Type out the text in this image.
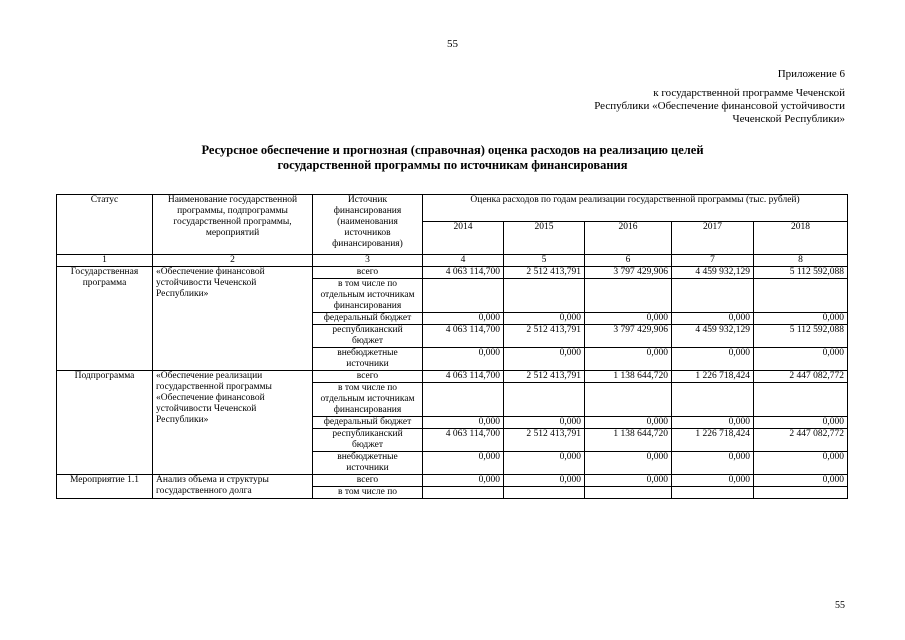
55
Приложение 6
к государственной программе Чеченской
Республики «Обеспечение финансовой устойчивости
Чеченской Республики»
Ресурсное обеспечение и прогнозная (справочная) оценка расходов на реализацию целей
государственной программы по источникам финансирования
Статус	Наименование государственной программы, подпрограммы государственной программы, мероприятий	Источник финансирования (наименования источников финансирования)	Оценка расходов по годам реализации государственной программы (тыс. рублей)				
			2014	2015	2016	2017	2018
1	2	3	4	5	6	7	8
Государственная программа	«Обеспечение финансовой устойчивости Чеченской Республики»	всего	4 063 114,700	2 512 413,791	3 797 429,906	4 459 932,129	5 112 592,088
		в том числе по отдельным источникам финансирования					
		федеральный бюджет	0,000	0,000	0,000	0,000	0,000
		республиканский бюджет	4 063 114,700	2 512 413,791	3 797 429,906	4 459 932,129	5 112 592,088
		внебюджетные источники	0,000	0,000	0,000	0,000	0,000
Подпрограмма	«Обеспечение реализации государственной программы «Обеспечение финансовой устойчивости Чеченской Республики»	всего	4 063 114,700	2 512 413,791	1 138 644,720	1 226 718,424	2 447 082,772
		в том числе по отдельным источникам финансирования					
		федеральный бюджет	0,000	0,000	0,000	0,000	0,000
		республиканский бюджет	4 063 114,700	2 512 413,791	1 138 644,720	1 226 718,424	2 447 082,772
		внебюджетные источники	0,000	0,000	0,000	0,000	0,000
Мероприятие 1.1	Анализ объема и структуры государственного долга	всего	0,000	0,000	0,000	0,000	0,000
		в том числе по					
55
